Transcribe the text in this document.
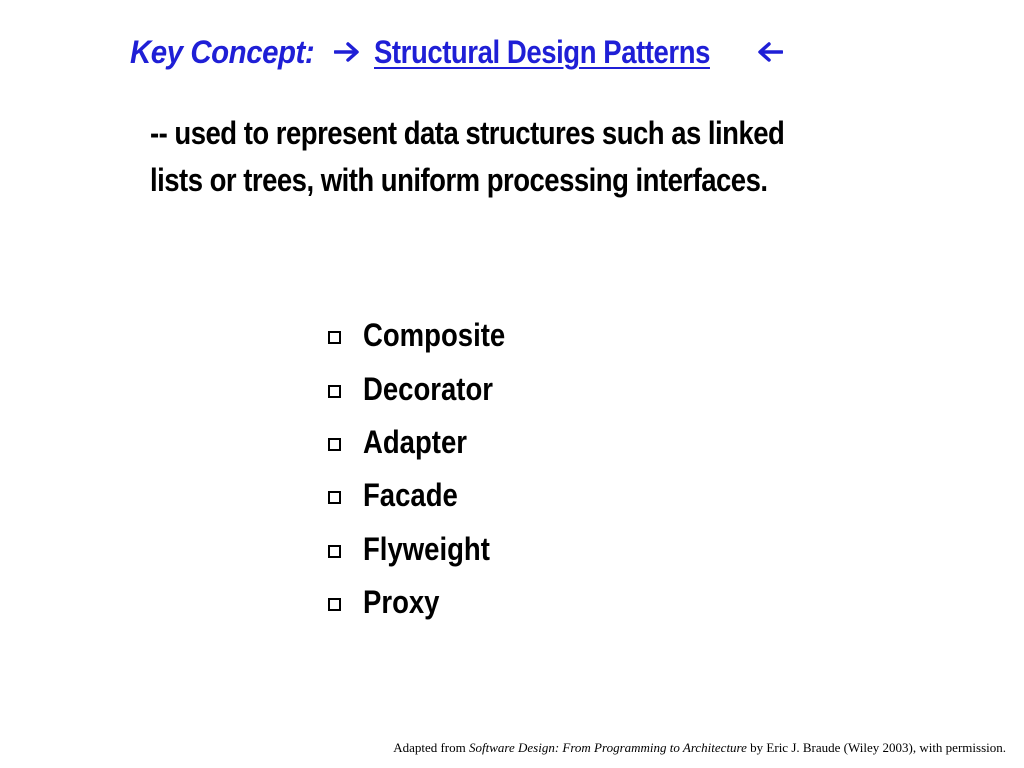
Key Concept: Structural Design Patterns
-- used to represent data structures such as linked lists or trees, with uniform processing interfaces.
Composite
Decorator
Adapter
Facade
Flyweight
Proxy
Adapted from Software Design: From Programming to Architecture by Eric J. Braude (Wiley 2003), with permission.
